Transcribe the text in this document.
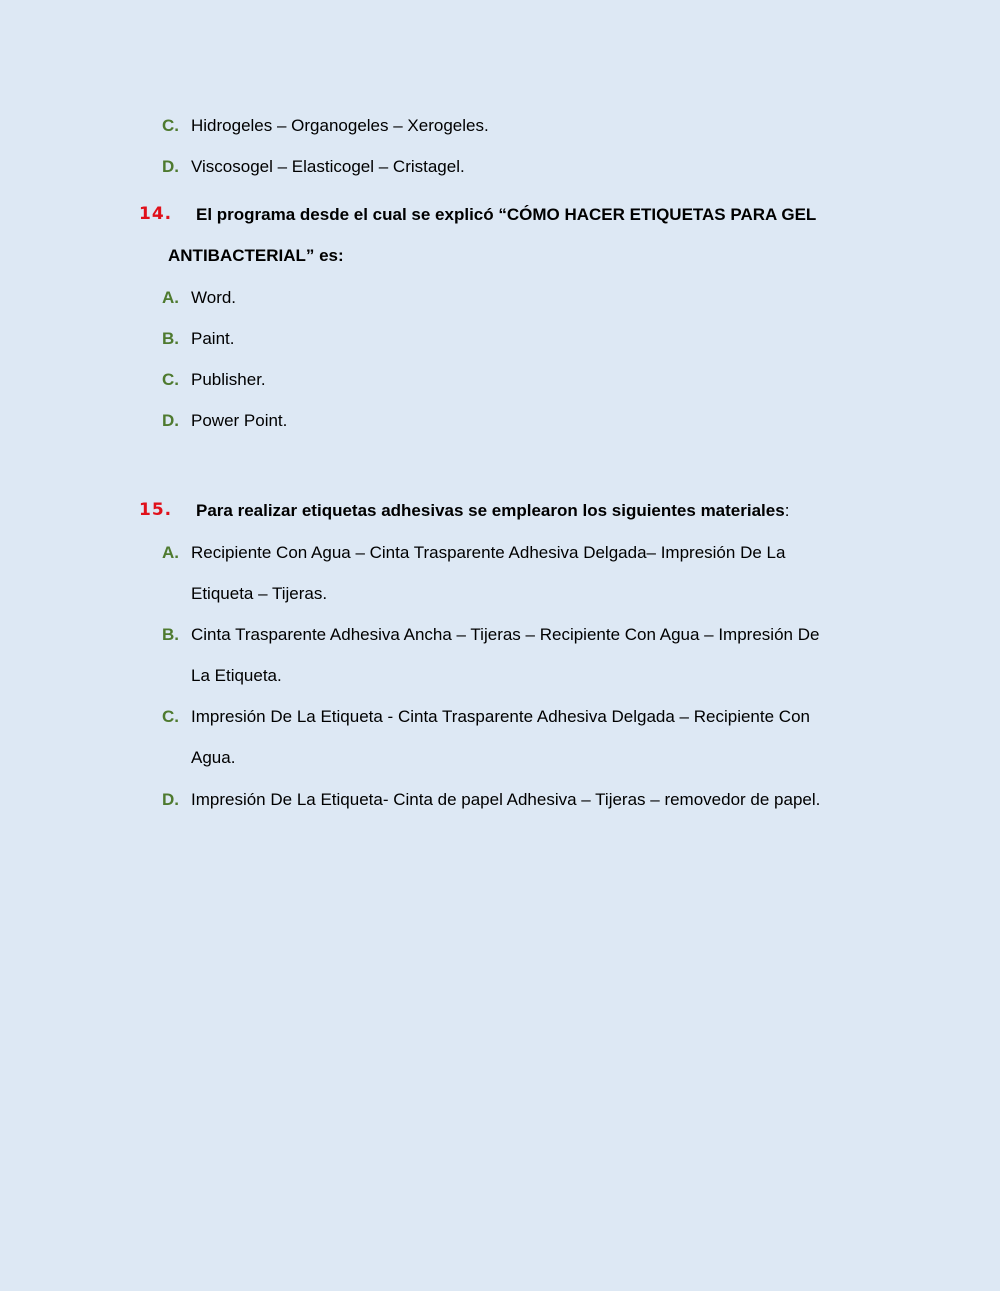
C. Hidrogeles – Organogeles – Xerogeles.
D. Viscosogel – Elasticogel – Cristagel.
14. El programa desde el cual se explicó “CÓMO HACER ETIQUETAS PARA GEL
ANTIBACTERIAL” es:
A. Word.
B. Paint.
C. Publisher.
D. Power Point.
15. Para realizar etiquetas adhesivas se emplearon los siguientes materiales:
A. Recipiente Con Agua – Cinta Trasparente Adhesiva Delgada– Impresión De La
Etiqueta – Tijeras.
B. Cinta Trasparente Adhesiva Ancha – Tijeras – Recipiente Con Agua – Impresión De
La Etiqueta.
C. Impresión De La Etiqueta - Cinta Trasparente Adhesiva Delgada – Recipiente Con
Agua.
D. Impresión De La Etiqueta- Cinta de papel Adhesiva – Tijeras – removedor de papel.
